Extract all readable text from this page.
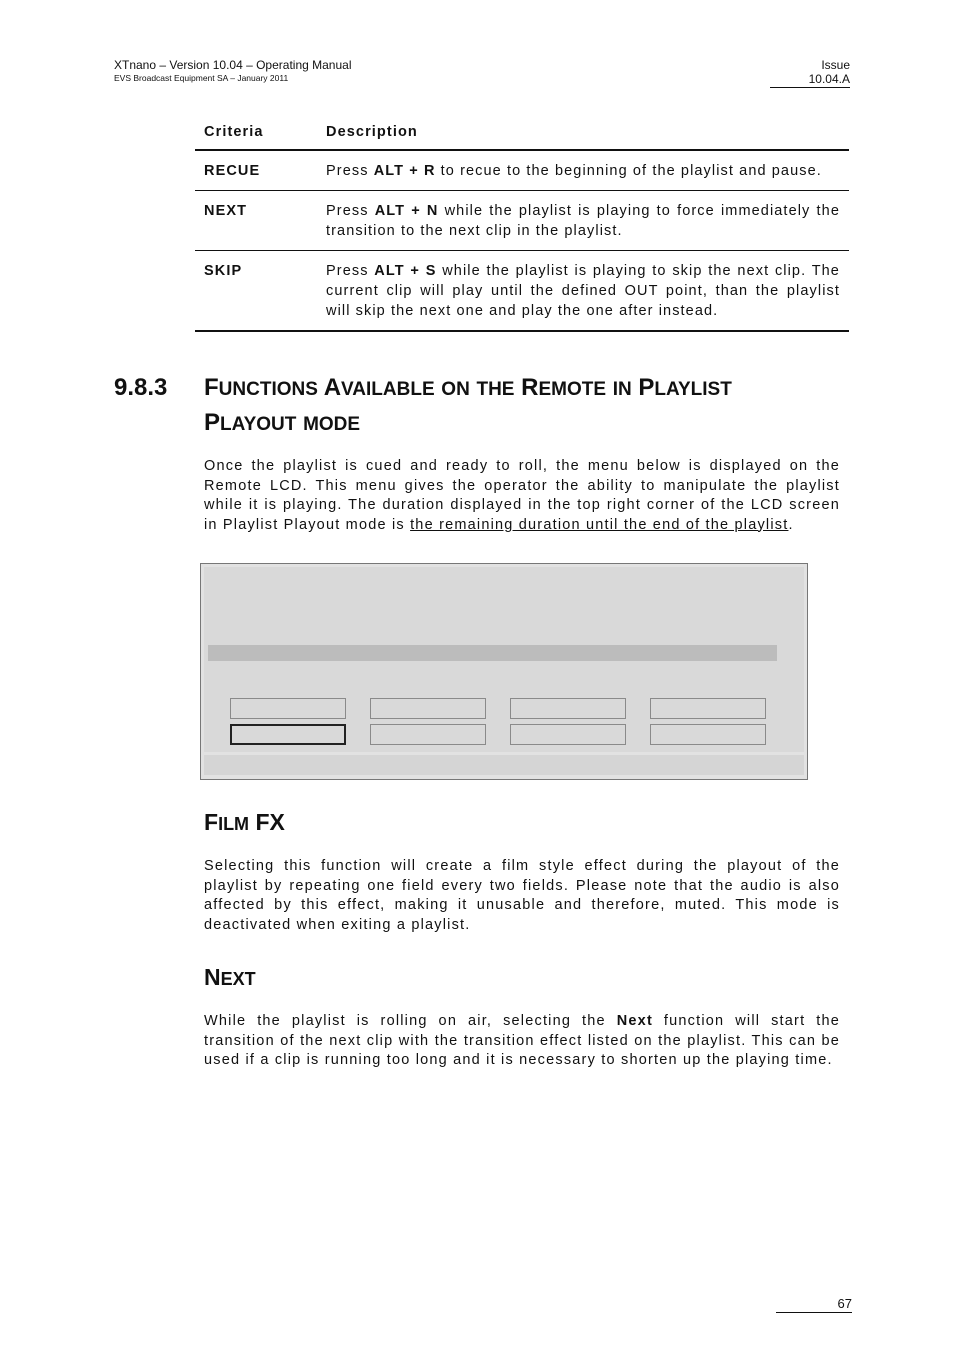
XTnano – Version 10.04 – Operating Manual
EVS Broadcast Equipment SA – January 2011
Issue
10.04.A
Criteria	Description
RECUE	Press ALT + R to recue to the beginning of the playlist and pause.
NEXT	Press ALT + N while the playlist is playing to force immediately the transition to the next clip in the playlist.
SKIP	Press ALT + S while the playlist is playing to skip the next clip. The current clip will play until the defined OUT point, than the playlist will skip the next one and play the one after instead.
9.8.3 FUNCTIONS AVAILABLE ON THE REMOTE IN PLAYLIST
PLAYOUT MODE
Once the playlist is cued and ready to roll, the menu below is displayed on the Remote LCD. This menu gives the operator the ability to manipulate the playlist while it is playing. The duration displayed in the top right corner of the LCD screen in Playlist Playout mode is the remaining duration until the end of the playlist.
FILM FX
Selecting this function will create a film style effect during the playout of the playlist by repeating one field every two fields. Please note that the audio is also affected by this effect, making it unusable and therefore, muted. This mode is deactivated when exiting a playlist.
NEXT
While the playlist is rolling on air, selecting the Next function will start the transition of the next clip with the transition effect listed on the playlist. This can be used if a clip is running too long and it is necessary to shorten up the playing time.
67
